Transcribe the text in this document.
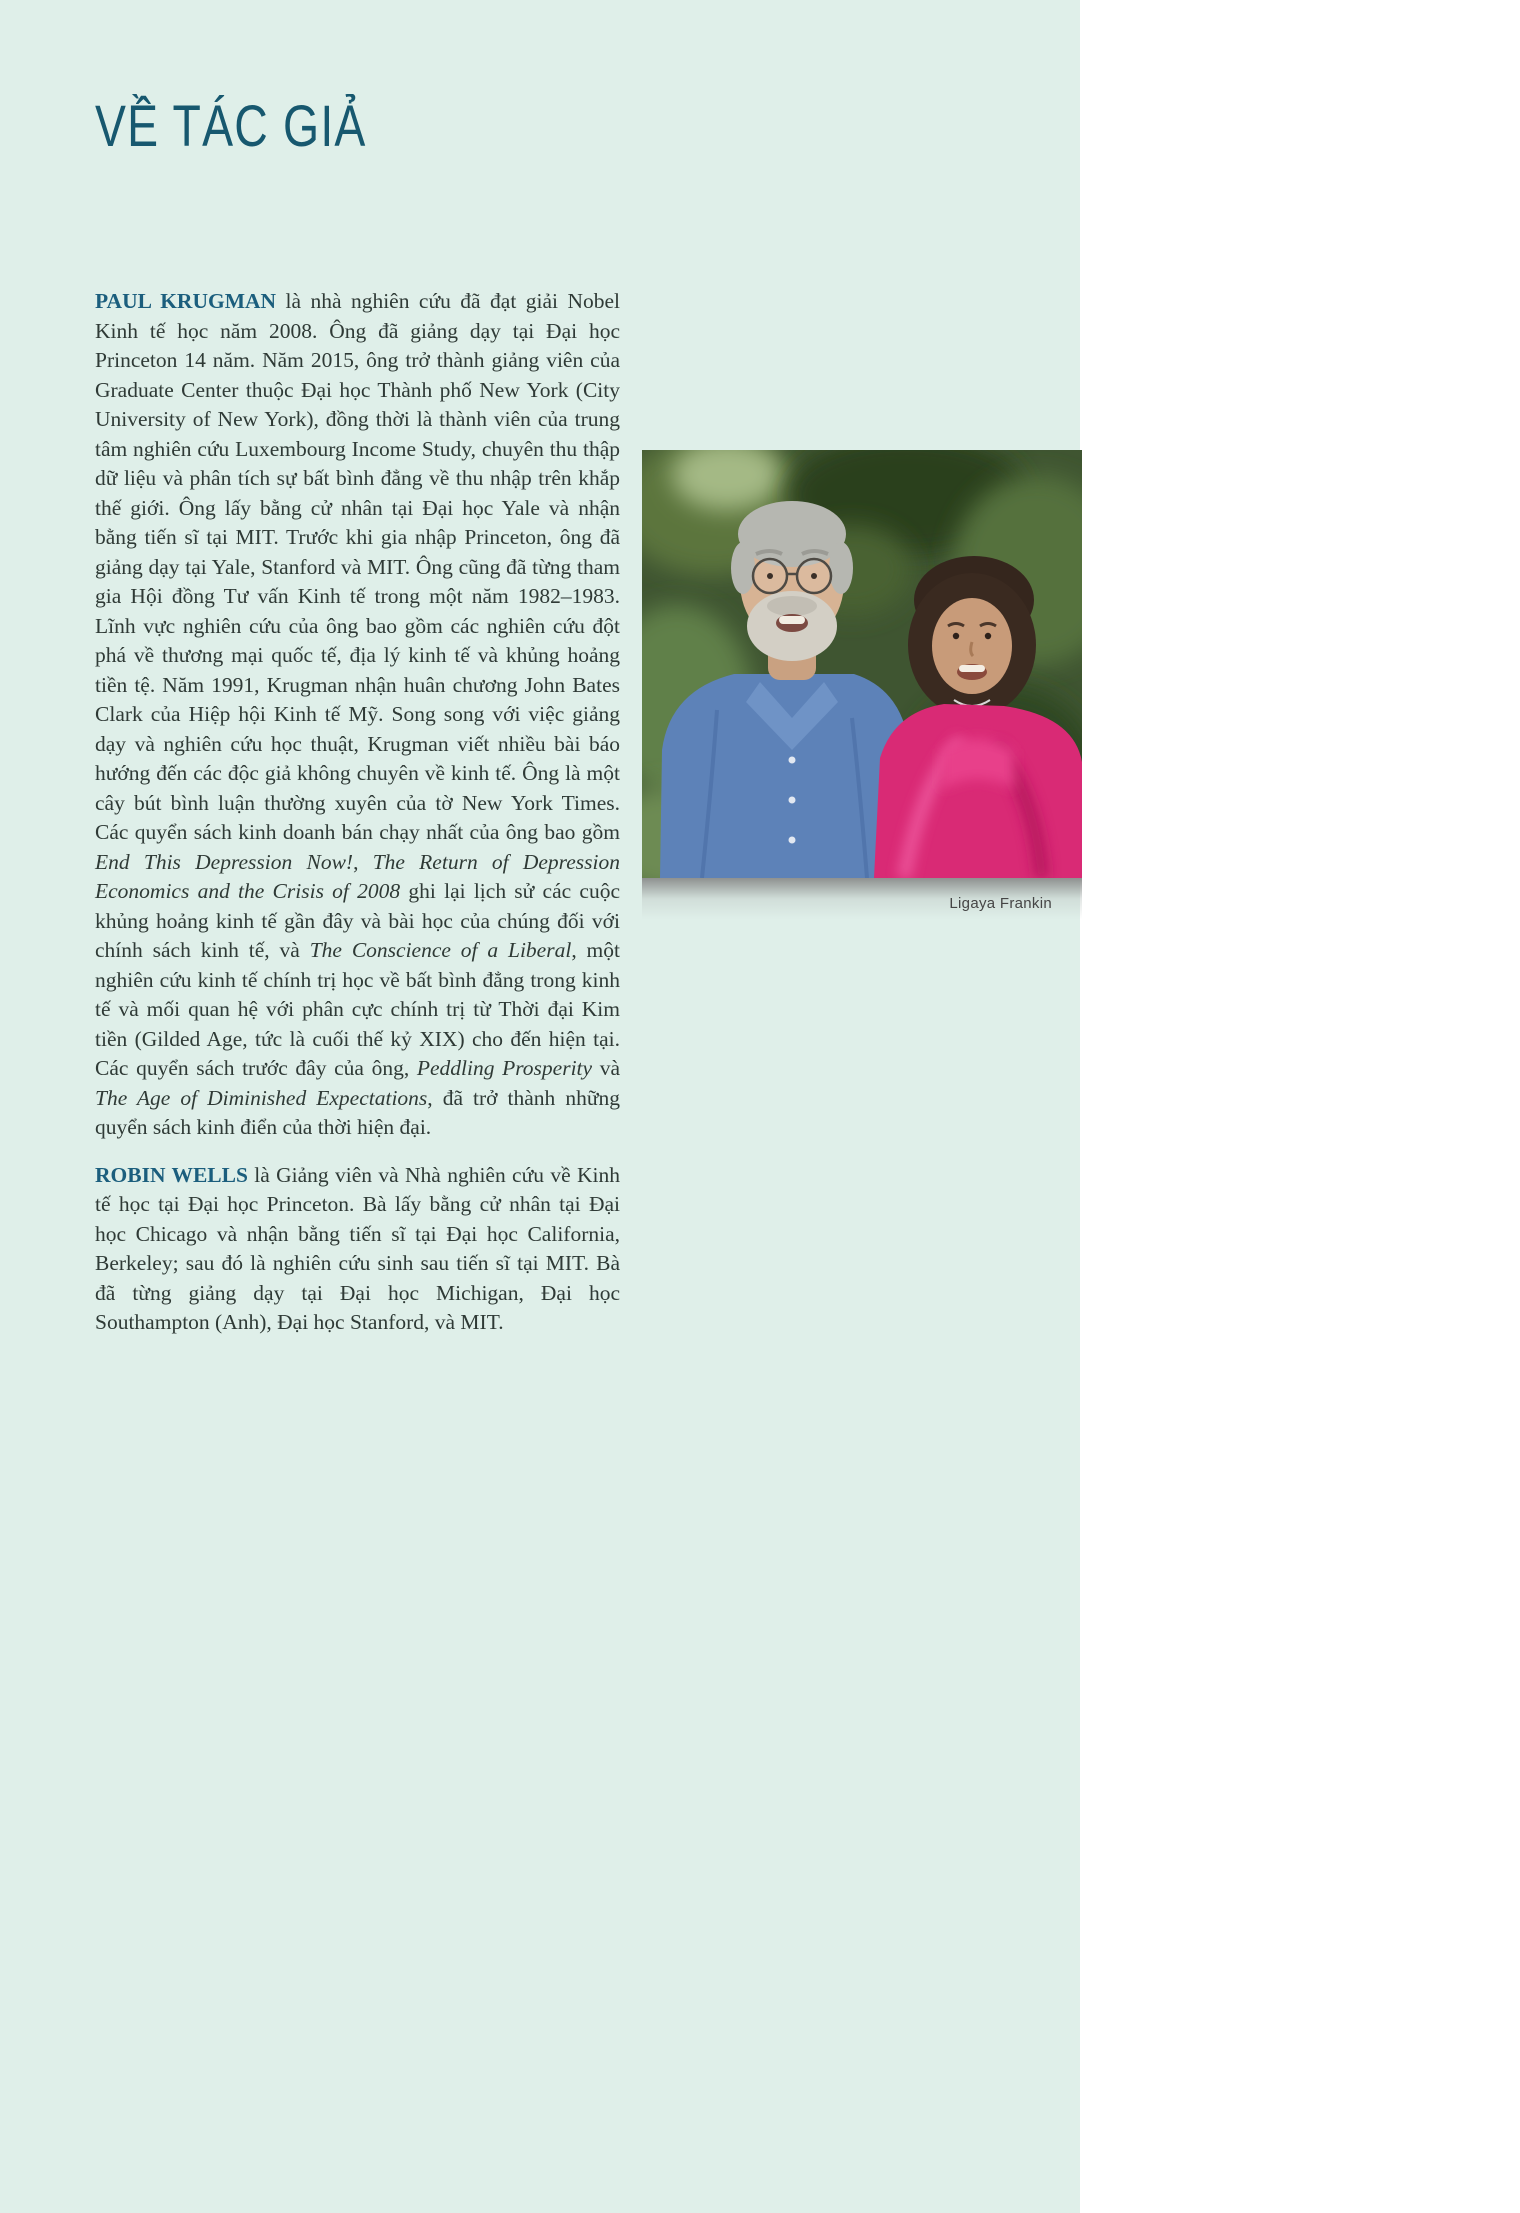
VỀ TÁC GIẢ

PAUL KRUGMAN là nhà nghiên cứu đã đạt giải Nobel Kinh tế học năm 2008. Ông đã giảng dạy tại Đại học Princeton 14 năm. Năm 2015, ông trở thành giảng viên của Graduate Center thuộc Đại học Thành phố New York (City University of New York), đồng thời là thành viên của trung tâm nghiên cứu Luxembourg Income Study, chuyên thu thập dữ liệu và phân tích sự bất bình đẳng về thu nhập trên khắp thế giới. Ông lấy bằng cử nhân tại Đại học Yale và nhận bằng tiến sĩ tại MIT. Trước khi gia nhập Princeton, ông đã giảng dạy tại Yale, Stanford và MIT. Ông cũng đã từng tham gia Hội đồng Tư vấn Kinh tế trong một năm 1982–1983. Lĩnh vực nghiên cứu của ông bao gồm các nghiên cứu đột phá về thương mại quốc tế, địa lý kinh tế và khủng hoảng tiền tệ. Năm 1991, Krugman nhận huân chương John Bates Clark của Hiệp hội Kinh tế Mỹ. Song song với việc giảng dạy và nghiên cứu học thuật, Krugman viết nhiều bài báo hướng đến các độc giả không chuyên về kinh tế. Ông là một cây bút bình luận thường xuyên của tờ New York Times. Các quyển sách kinh doanh bán chạy nhất của ông bao gồm End This Depression Now!, The Return of Depression Economics and the Crisis of 2008 ghi lại lịch sử các cuộc khủng hoảng kinh tế gần đây và bài học của chúng đối với chính sách kinh tế, và The Conscience of a Liberal, một nghiên cứu kinh tế chính trị học về bất bình đẳng trong kinh tế và mối quan hệ với phân cực chính trị từ Thời đại Kim tiền (Gilded Age, tức là cuối thế kỷ XIX) cho đến hiện tại. Các quyển sách trước đây của ông, Peddling Prosperity và The Age of Diminished Expectations, đã trở thành những quyển sách kinh điển của thời hiện đại.

ROBIN WELLS là Giảng viên và Nhà nghiên cứu về Kinh tế học tại Đại học Princeton. Bà lấy bằng cử nhân tại Đại học Chicago và nhận bằng tiến sĩ tại Đại học California, Berkeley; sau đó là nghiên cứu sinh sau tiến sĩ tại MIT. Bà đã từng giảng dạy tại Đại học Michigan, Đại học Southampton (Anh), Đại học Stanford, và MIT.

Ligaya Frankin
